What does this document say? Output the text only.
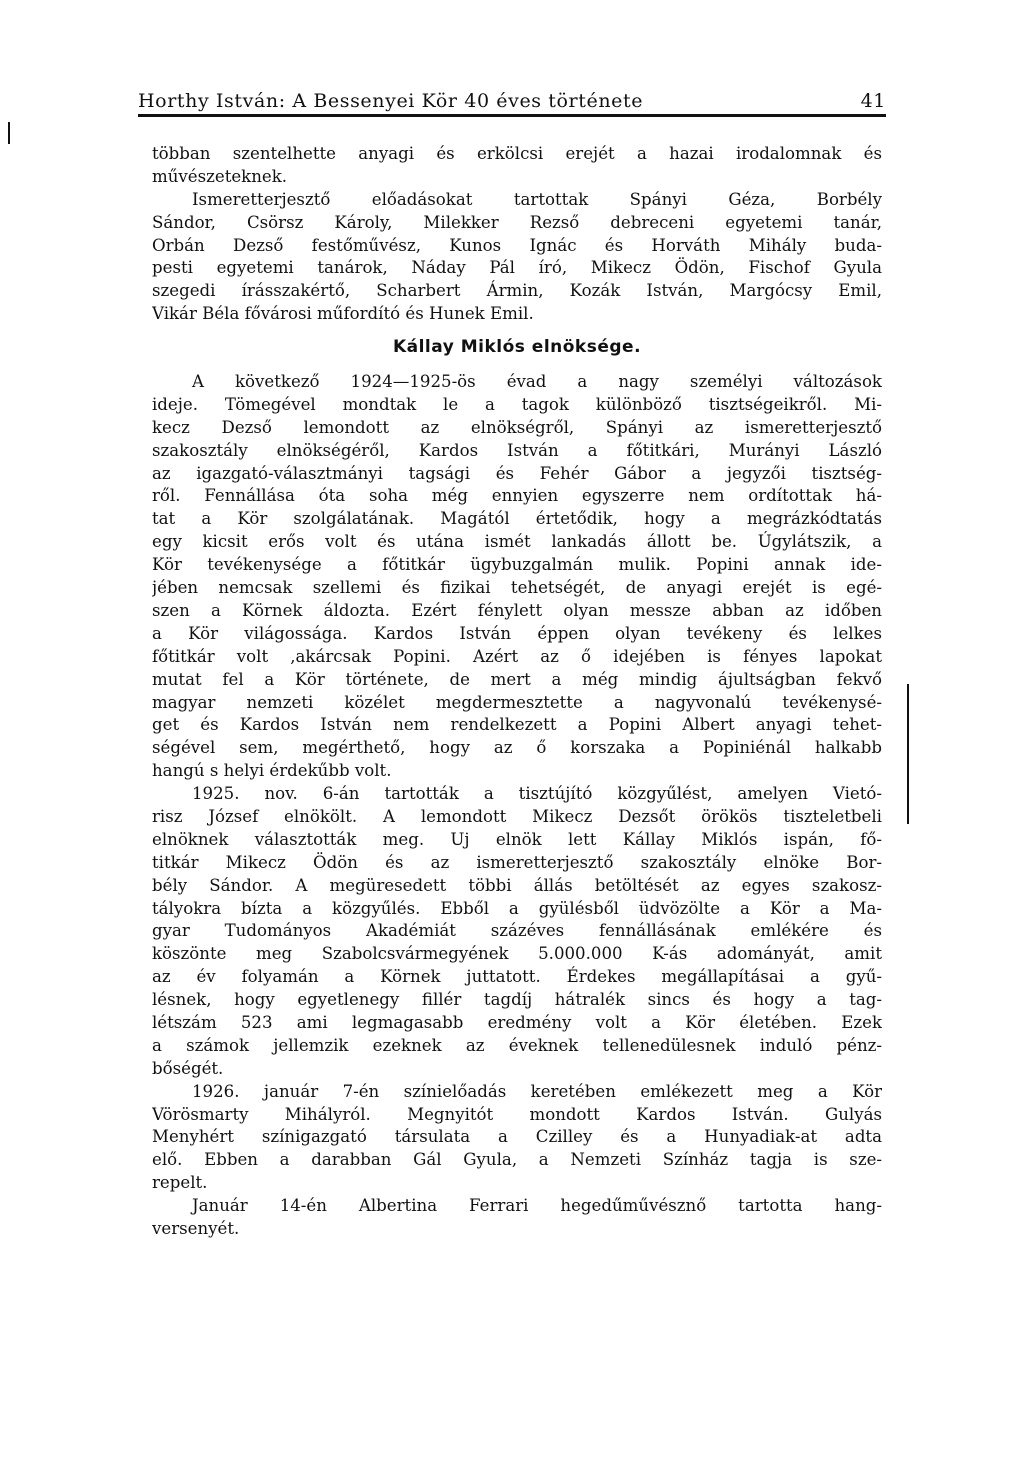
Horthy István: A Bessenyei Kör 40 éves története	41
többan szentelhette anyagi és erkölcsi erejét a hazai irodalomnak és
művészeteknek.
Ismeretterjesztő előadásokat tartottak Spányi Géza, Borbély
Sándor, Csörsz Károly, Milekker Rezső debreceni egyetemi tanár,
Orbán Dezső festőművész, Kunos Ignác és Horváth Mihály buda-
pesti egyetemi tanárok, Náday Pál író, Mikecz Ödön, Fischof Gyula
szegedi írásszakértő, Scharbert Ármin, Kozák István, Margócsy Emil,
Vikár Béla fővárosi műfordító és Hunek Emil.
Kállay Miklós elnöksége.
A következő 1924—1925-ös évad a nagy személyi változások
ideje. Tömegével mondtak le a tagok különböző tisztségeikről. Mi-
kecz Dezső lemondott az elnökségről, Spányi az ismeretterjesztő
szakosztály elnökségéről, Kardos István a főtitkári, Murányi László
az igazgató-választmányi tagsági és Fehér Gábor a jegyzői tisztség-
ről. Fennállása óta soha még ennyien egyszerre nem ordítottak há-
tat a Kör szolgálatának. Magától értetődik, hogy a megrázkódtatás
egy kicsit erős volt és utána ismét lankadás állott be. Úgylátszik, a
Kör tevékenysége a főtitkár ügybuzgalmán mulik. Popini annak ide-
jében nemcsak szellemi és fizikai tehetségét, de anyagi erejét is egé-
szen a Körnek áldozta. Ezért fénylett olyan messze abban az időben
a Kör világossága. Kardos István éppen olyan tevékeny és lelkes
főtitkár volt ,akárcsak Popini. Azért az ő idejében is fényes lapokat
mutat fel a Kör története, de mert a még mindig ájultságban fekvő
magyar nemzeti közélet megdermesztette a nagyvonalú tevékenysé-
get és Kardos István nem rendelkezett a Popini Albert anyagi tehet-
ségével sem, megérthető, hogy az ő korszaka a Popiniénál halkabb
hangú s helyi érdekűbb volt.
1925. nov. 6-án tartották a tisztújító közgyűlést, amelyen Vietó-
risz József elnökölt. A lemondott Mikecz Dezsőt örökös tiszteletbeli
elnöknek választották meg. Uj elnök lett Kállay Miklós ispán, fő-
titkár Mikecz Ödön és az ismeretterjesztő szakosztály elnöke Bor-
bély Sándor. A megüresedett többi állás betöltését az egyes szakosz-
tályokra bízta a közgyűlés. Ebből a gyülésből üdvözölte a Kör a Ma-
gyar Tudományos Akadémiát százéves fennállásának emlékére és
köszönte meg Szabolcsvármegyének 5.000.000 K-ás adományát, amit
az év folyamán a Körnek juttatott. Érdekes megállapításai a gyű-
lésnek, hogy egyetlenegy fillér tagdíj hátralék sincs és hogy a tag-
létszám 523 ami legmagasabb eredmény volt a Kör életében. Ezek
a számok jellemzik ezeknek az éveknek tellenedülesnek induló pénz-
bőségét.
1926. január 7-én színielőadás keretében emlékezett meg a Kör
Vörösmarty Mihályról. Megnyitót mondott Kardos István. Gulyás
Menyhért színigazgató társulata a Czilley és a Hunyadiak-at adta
elő. Ebben a darabban Gál Gyula, a Nemzeti Színház tagja is sze-
repelt.
Január 14-én Albertina Ferrari hegedűművésznő tartotta hang-
versenyét.
